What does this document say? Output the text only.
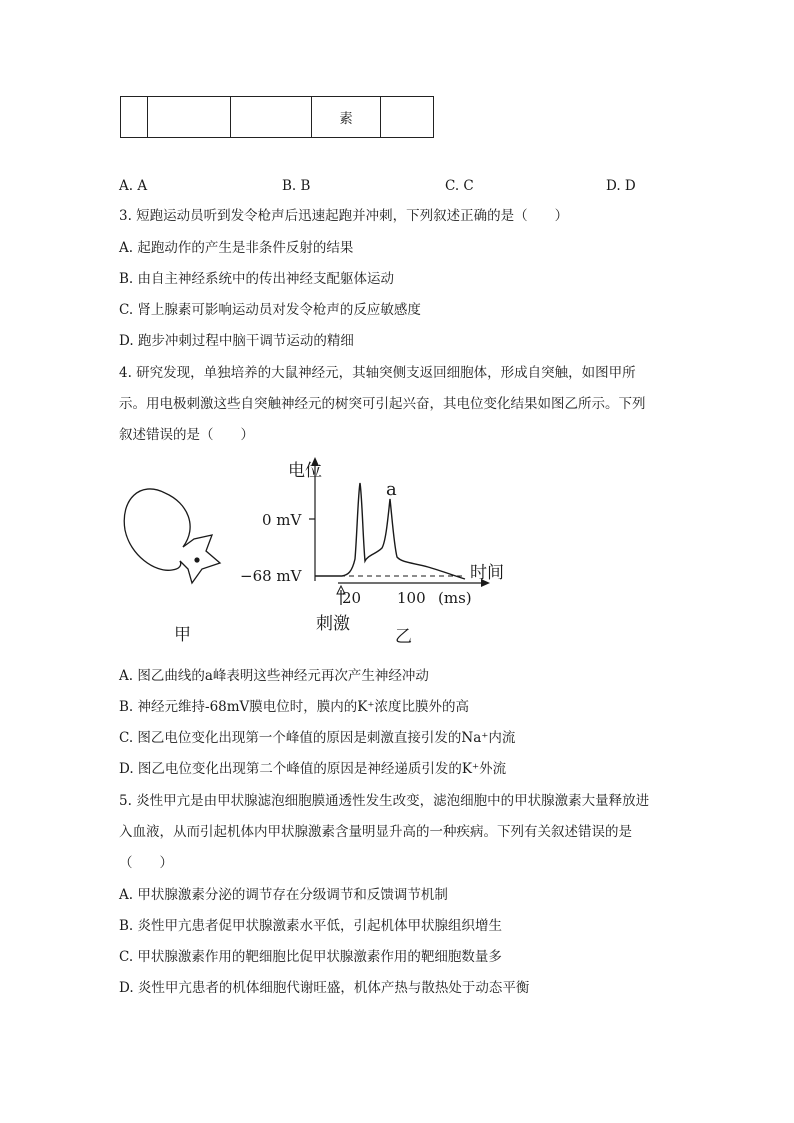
			素	
A. A	B. B	C. C	D. D
3. 短跑运动员听到发令枪声后迅速起跑并冲刺，下列叙述正确的是（　　）
A. 起跑动作的产生是非条件反射的结果
B. 由自主神经系统中的传出神经支配躯体运动
C. 肾上腺素可影响运动员对发令枪声的反应敏感度
D. 跑步冲刺过程中脑干调节运动的精细
4. 研究发现，单独培养的大鼠神经元，其轴突侧支返回细胞体，形成自突触，如图甲所
示。用电极刺激这些自突触神经元的树突可引起兴奋，其电位变化结果如图乙所示。下列
叙述错误的是（　　）
甲
电位
时间
0 mV
−68 mV
a
20 100 (ms)
刺激
乙
A. 图乙曲线的a峰表明这些神经元再次产生神经冲动
B. 神经元维持-68mV膜电位时，膜内的K⁺浓度比膜外的高
C. 图乙电位变化出现第一个峰值的原因是刺激直接引发的Na⁺内流
D. 图乙电位变化出现第二个峰值的原因是神经递质引发的K⁺外流
5. 炎性甲亢是由甲状腺滤泡细胞膜通透性发生改变，滤泡细胞中的甲状腺激素大量释放进
入血液，从而引起机体内甲状腺激素含量明显升高的一种疾病。下列有关叙述错误的是
（　　）
A. 甲状腺激素分泌的调节存在分级调节和反馈调节机制
B. 炎性甲亢患者促甲状腺激素水平低，引起机体甲状腺组织增生
C. 甲状腺激素作用的靶细胞比促甲状腺激素作用的靶细胞数量多
D. 炎性甲亢患者的机体细胞代谢旺盛，机体产热与散热处于动态平衡
